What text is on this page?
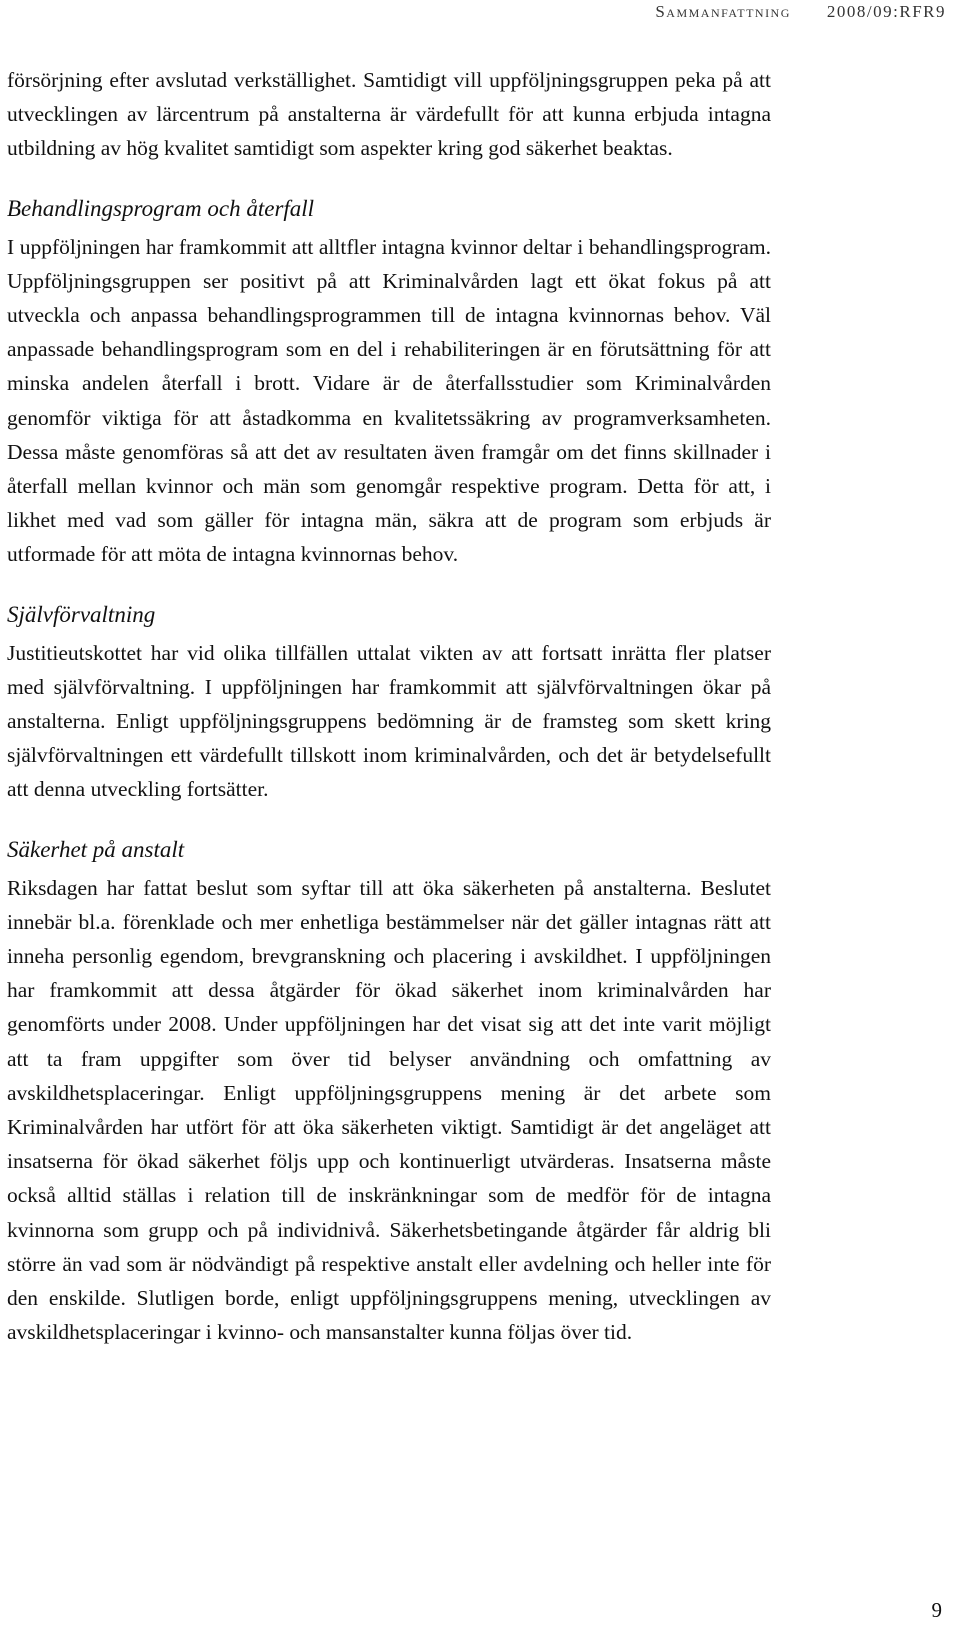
Sammanfattning 2008/09:RFR9

försörjning efter avslutad verkställighet. Samtidigt vill uppföljningsgruppen peka på att utvecklingen av lärcentrum på anstalterna är värdefullt för att kunna erbjuda intagna utbildning av hög kvalitet samtidigt som aspekter kring god säkerhet beaktas.

Behandlingsprogram och återfall

I uppföljningen har framkommit att alltfler intagna kvinnor deltar i behandlingsprogram. Uppföljningsgruppen ser positivt på att Kriminalvården lagt ett ökat fokus på att utveckla och anpassa behandlingsprogrammen till de intagna kvinnornas behov. Väl anpassade behandlingsprogram som en del i rehabiliteringen är en förutsättning för att minska andelen återfall i brott. Vidare är de återfallsstudier som Kriminalvården genomför viktiga för att åstadkomma en kvalitetssäkring av programverksamheten. Dessa måste genomföras så att det av resultaten även framgår om det finns skillnader i återfall mellan kvinnor och män som genomgår respektive program. Detta för att, i likhet med vad som gäller för intagna män, säkra att de program som erbjuds är utformade för att möta de intagna kvinnornas behov.

Självförvaltning

Justitieutskottet har vid olika tillfällen uttalat vikten av att fortsatt inrätta fler platser med självförvaltning. I uppföljningen har framkommit att självförvaltningen ökar på anstalterna. Enligt uppföljningsgruppens bedömning är de framsteg som skett kring självförvaltningen ett värdefullt tillskott inom kriminalvården, och det är betydelsefullt att denna utveckling fortsätter.

Säkerhet på anstalt

Riksdagen har fattat beslut som syftar till att öka säkerheten på anstalterna. Beslutet innebär bl.a. förenklade och mer enhetliga bestämmelser när det gäller intagnas rätt att inneha personlig egendom, brevgranskning och placering i avskildhet. I uppföljningen har framkommit att dessa åtgärder för ökad säkerhet inom kriminalvården har genomförts under 2008. Under uppföljningen har det visat sig att det inte varit möjligt att ta fram uppgifter som över tid belyser användning och omfattning av avskildhetsplaceringar. Enligt uppföljningsgruppens mening är det arbete som Kriminalvården har utfört för att öka säkerheten viktigt. Samtidigt är det angeläget att insatserna för ökad säkerhet följs upp och kontinuerligt utvärderas. Insatserna måste också alltid ställas i relation till de inskränkningar som de medför för de intagna kvinnorna som grupp och på individnivå. Säkerhetsbetingande åtgärder får aldrig bli större än vad som är nödvändigt på respektive anstalt eller avdelning och heller inte för den enskilde. Slutligen borde, enligt uppföljningsgruppens mening, utvecklingen av avskildhetsplaceringar i kvinno- och mansanstalter kunna följas över tid.

9
